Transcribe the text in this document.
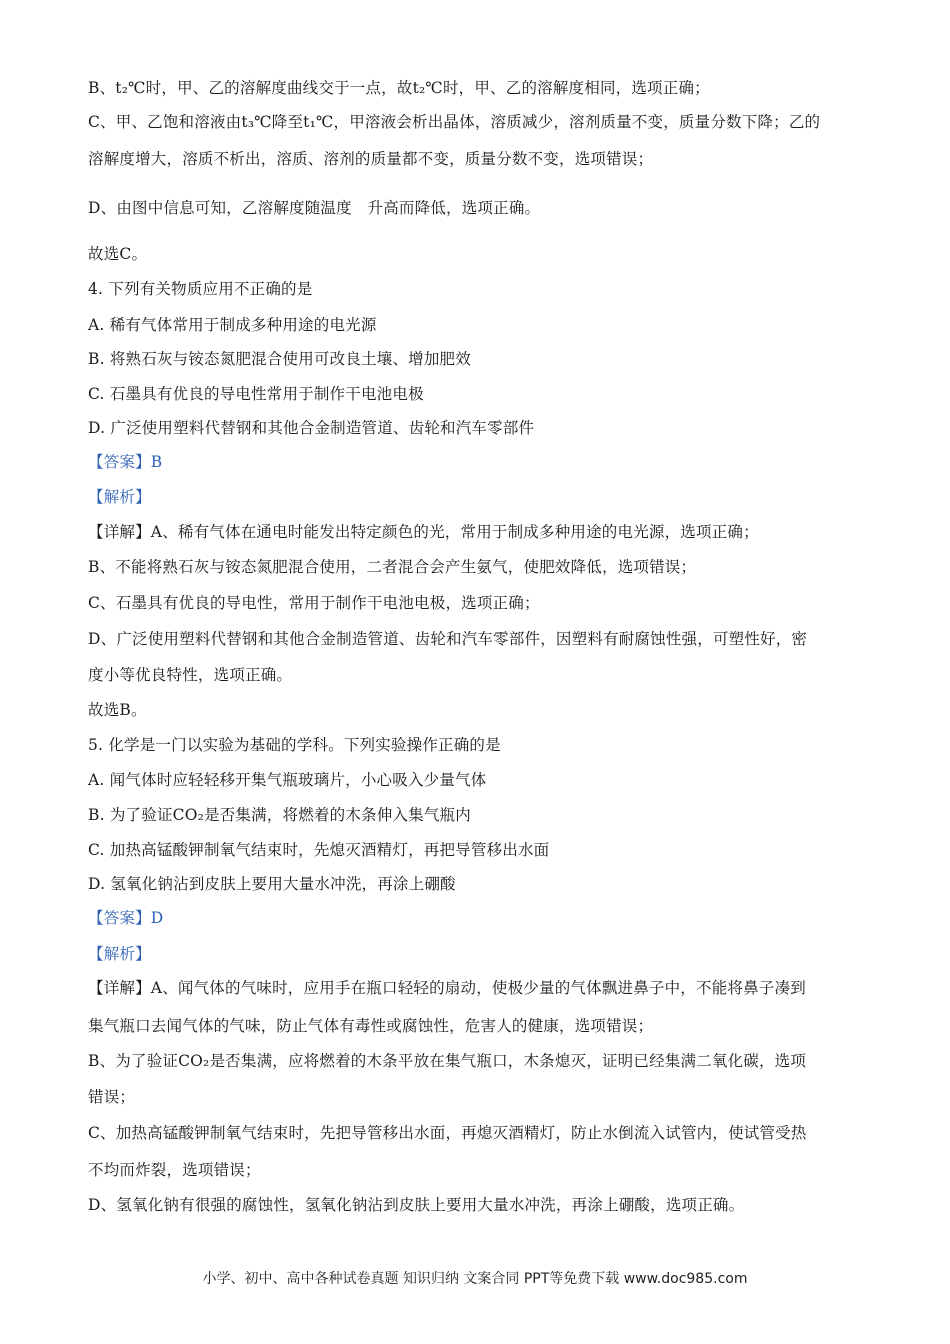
B、t₂℃时，甲、乙的溶解度曲线交于一点，故t₂℃时，甲、乙的溶解度相同，选项正确；
C、甲、乙饱和溶液由t₃℃降至t₁℃，甲溶液会析出晶体，溶质减少，溶剂质量不变，质量分数下降；乙的
溶解度增大，溶质不析出，溶质、溶剂的质量都不变，质量分数不变，选项错误；
D、由图中信息可知，乙溶解度随温度　升高而降低，选项正确。
故选C。
4. 下列有关物质应用不正确的是
A. 稀有气体常用于制成多种用途的电光源
B. 将熟石灰与铵态氮肥混合使用可改良土壤、增加肥效
C. 石墨具有优良的导电性常用于制作干电池电极
D. 广泛使用塑料代替钢和其他合金制造管道、齿轮和汽车零部件
【答案】B
【解析】
【详解】A、稀有气体在通电时能发出特定颜色的光，常用于制成多种用途的电光源，选项正确；
B、不能将熟石灰与铵态氮肥混合使用，二者混合会产生氨气，使肥效降低，选项错误；
C、石墨具有优良的导电性，常用于制作干电池电极，选项正确；
D、广泛使用塑料代替钢和其他合金制造管道、齿轮和汽车零部件，因塑料有耐腐蚀性强，可塑性好，密
度小等优良特性，选项正确。
故选B。
5. 化学是一门以实验为基础的学科。下列实验操作正确的是
A. 闻气体时应轻轻移开集气瓶玻璃片，小心吸入少量气体
B. 为了验证CO₂是否集满，将燃着的木条伸入集气瓶内
C. 加热高锰酸钾制氧气结束时，先熄灭酒精灯，再把导管移出水面
D. 氢氧化钠沾到皮肤上要用大量水冲洗，再涂上硼酸
【答案】D
【解析】
【详解】A、闻气体的气味时，应用手在瓶口轻轻的扇动，使极少量的气体飘进鼻子中，不能将鼻子凑到
集气瓶口去闻气体的气味，防止气体有毒性或腐蚀性，危害人的健康，选项错误；
B、为了验证CO₂是否集满，应将燃着的木条平放在集气瓶口，木条熄灭，证明已经集满二氧化碳，选项
错误；
C、加热高锰酸钾制氧气结束时，先把导管移出水面，再熄灭酒精灯，防止水倒流入试管内，使试管受热
不均而炸裂，选项错误；
D、氢氧化钠有很强的腐蚀性，氢氧化钠沾到皮肤上要用大量水冲洗，再涂上硼酸，选项正确。
小学、初中、高中各种试卷真题 知识归纳 文案合同 PPT等免费下载 www.doc985.com
